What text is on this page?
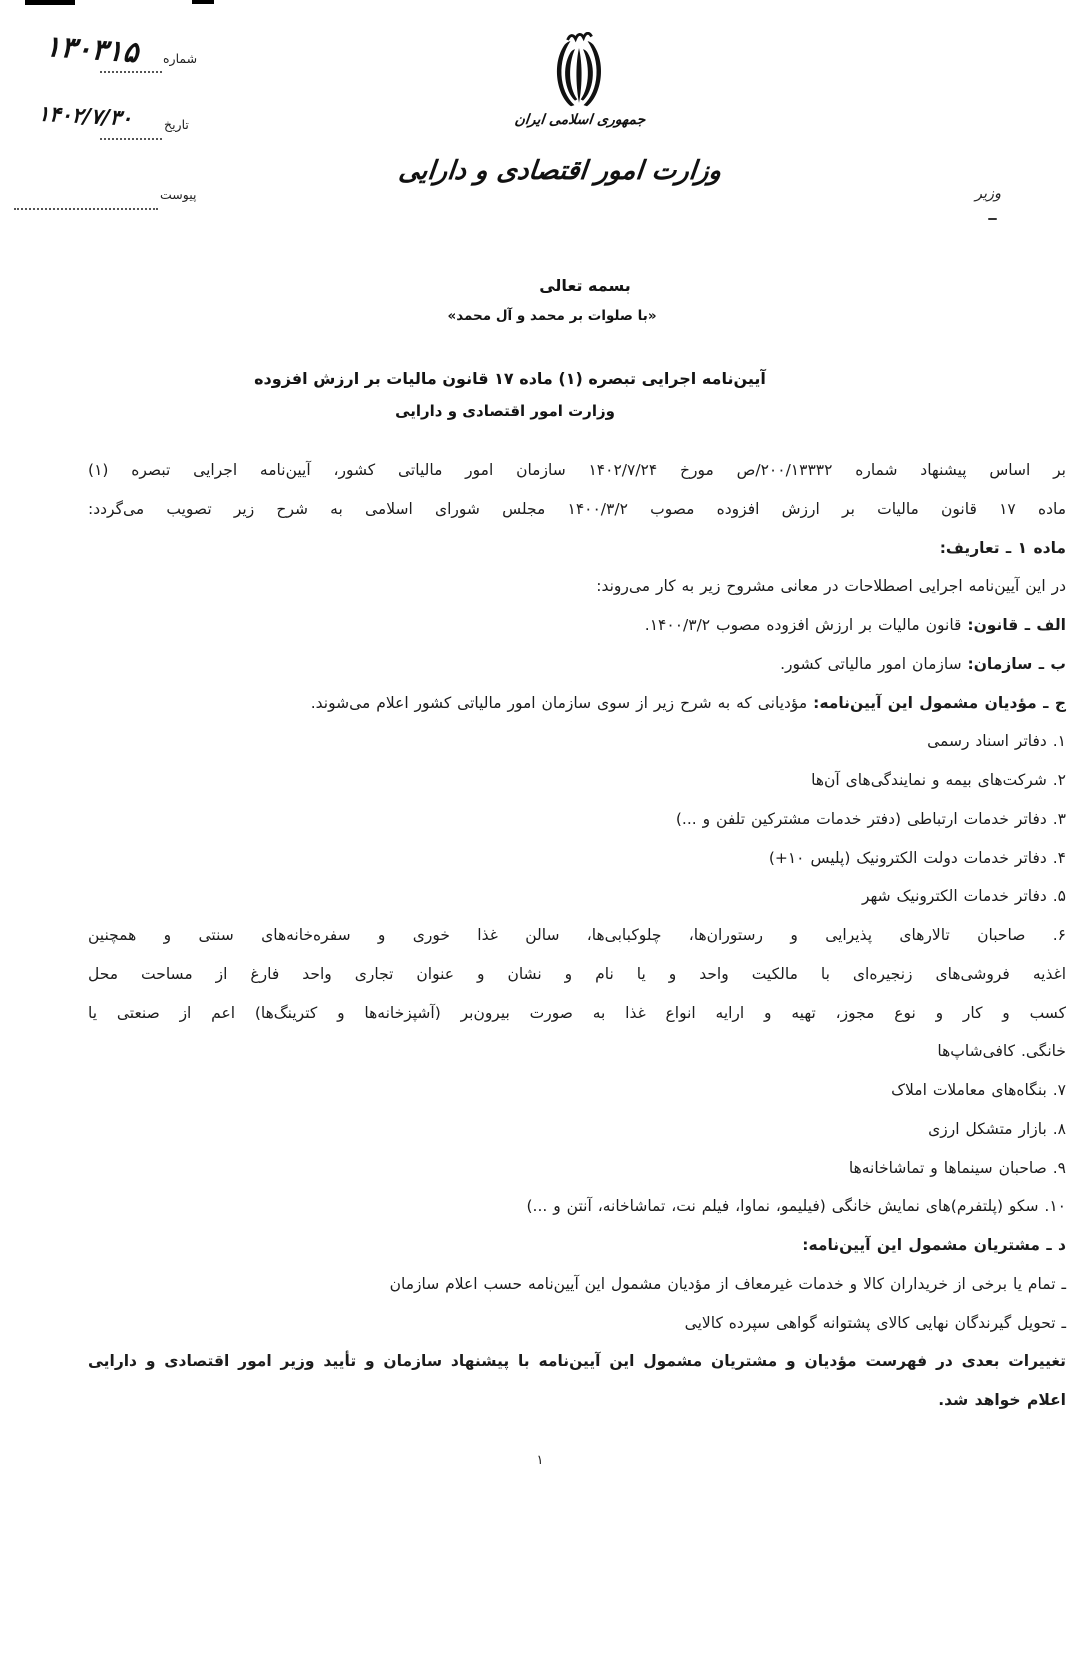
۱۳۰۳۱۵ شماره
۱۴۰۲/۷/۳۰ تاریخ
پیوست
جمهوری اسلامی ایران
وزارت امور اقتصادی و دارایی
وزیر
بسمه تعالی
«با صلوات بر محمد و آل محمد»
آیین‌نامه اجرایی تبصره (۱) ماده ۱۷ قانون مالیات بر ارزش افزوده
وزارت امور اقتصادی و دارایی
بر اساس پیشنهاد شماره ۲۰۰/۱۳۳۳۲/ص مورخ ۱۴۰۲/۷/۲۴ سازمان امور مالیاتی کشور، آیین‌نامه اجرایی تبصره (۱)
ماده ۱۷ قانون مالیات بر ارزش افزوده مصوب ۱۴۰۰/۳/۲ مجلس شورای اسلامی به شرح زیر تصویب می‌گردد:
ماده ۱ ـ تعاریف:
در این آیین‌نامه اجرایی اصطلاحات در معانی مشروح زیر به کار می‌روند:
الف ـ قانون: قانون مالیات بر ارزش افزوده مصوب ۱۴۰۰/۳/۲.
ب ـ سازمان: سازمان امور مالیاتی کشور.
ج ـ مؤدیان مشمول این آیین‌نامه: مؤدیانی که به شرح زیر از سوی سازمان امور مالیاتی کشور اعلام می‌شوند.
۱. دفاتر اسناد رسمی
۲. شرکت‌های بیمه و نمایندگی‌های آن‌ها
۳. دفاتر خدمات ارتباطی (دفتر خدمات مشترکین تلفن و ...)
۴. دفاتر خدمات دولت الکترونیک (پلیس ۱۰+)
۵. دفاتر خدمات الکترونیک شهر
۶. صاحبان تالارهای پذیرایی و رستوران‌ها، چلوکبابی‌ها، سالن غذا خوری و سفره‌خانه‌های سنتی و همچنین
اغذیه فروشی‌های زنجیره‌ای با مالکیت واحد و یا نام و نشان و عنوان تجاری واحد فارغ از مساحت محل
کسب و کار و نوع مجوز، تهیه و ارایه انواع غذا به صورت بیرون‌بر (آشپزخانه‌ها و کترینگ‌ها) اعم از صنعتی یا
خانگی. کافی‌شاپ‌ها
۷. بنگاه‌های معاملات املاک
۸. بازار متشکل ارزی
۹. صاحبان سینماها و تماشاخانه‌ها
۱۰. سکو (پلتفرم)های نمایش خانگی (فیلیمو، نماوا، فیلم نت، تماشاخانه، آنتن و ...)
د ـ مشتریان مشمول این آیین‌نامه:
ـ تمام یا برخی از خریداران کالا و خدمات غیرمعاف از مؤدیان مشمول این آیین‌نامه حسب اعلام سازمان
ـ تحویل گیرندگان نهایی کالای پشتوانه گواهی سپرده کالایی
تغییرات بعدی در فهرست مؤدیان و مشتریان مشمول این آیین‌نامه با پیشنهاد سازمان و تأیید وزیر امور اقتصادی و دارایی
اعلام خواهد شد.
۱
